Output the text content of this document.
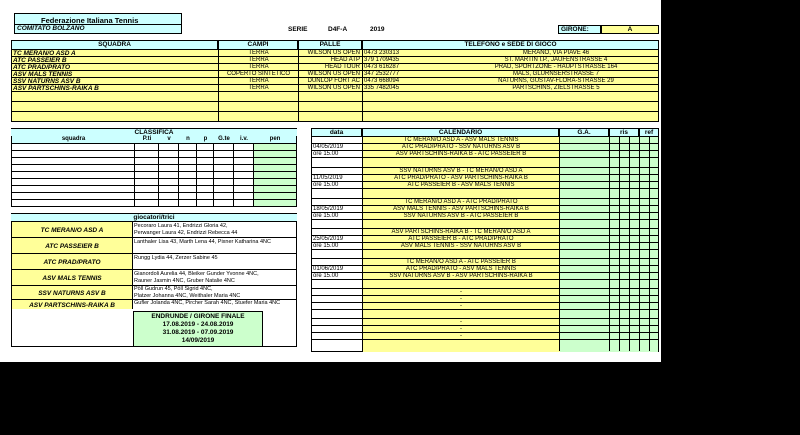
Federazione Italiana Tennis
COMITATO BOLZANO	SERIE	D4F-A	2019	GIRONE:	A
SQUADRA	CAMPI	PALLE	TELEFONO e SEDE DI GIOCO
TC MERAN/O ASD A	TERRA	WILSON US OPEN 0473 230313	MERANO, VIA PIAVE 46
ATC PASSEIER B	TERRA	HEAD ATP 379 1709435	ST. MARTIN I.P., JAUFENSTRASSE 4
ATC PRAD/PRATO	TERRA	HEAD TOUR 0473 616287	PRAD, SPORTZONE - HAUPTSTRASSE 164
ASV MALS TENNIS	COPERTO SINTETICO	WILSON US OPEN 347 2532777	MALS, GLURNSERSTRASSE 7
SSV NATURNS ASV B	TERRA	DUNLOP FORT AC 0473 668094	NATURNS, GUSTAV-FLORA-STRASSE 29
ASV PARTSCHINS-RAIKA B	TERRA	WILSON US OPEN 335 7482045	PARTSCHINS, ZIELSTRASSE 5
CLASSIFICA
squadra	P.ti	v	n	p	G.te	i.v.	pen
giocatori/trici
TC MERAN/O ASD A
Pecoraro Laura 41, Endrizzi Gloria 42,
Perwanger Laura 42, Endrizzi Rebecca 44
ATC PASSEIER B
Lanthaler Lisa 43, Marth Lena 44, Pixner Katharina 4NC
ATC PRAD/PRATO
Rungg Lydia 44, Zerzer Sabine 45
ASV MALS TENNIS
Gianordoli Aurelia 44, Bleiker Gunder Yvonne 4NC,
Rauner Jasmin 4NC, Gruber Natalie 4NC
SSV NATURNS ASV B
Pöll Gudrun 45, Pöll Sigrid 4NC,
Platzer Johanna 4NC, Weithaler Maria 4NC
ASV PARTSCHINS-RAIKA B	Gufler Jolanda 4NC, Pircher Sarah 4NC, Stuefer Maria 4NC
ENDRUNDE / GIRONE FINALE
17.08.2019 - 24.08.2019
31.08.2019 - 07.09.2019
14/09/2019
data	CALENDARIO	G.A.	ris	ref
TC MERAN/O ASD A - ASV MALS TENNIS
04/05/2019	ATC PRAD/PRATO - SSV NATURNS ASV B
ore 15.00	ASV PARTSCHINS-RAIKA B - ATC PASSEIER B
SSV NATURNS ASV B - TC MERAN/O ASD A
11/05/2019	ATC PRAD/PRATO - ASV PARTSCHINS-RAIKA B
ore 15.00	ATC PASSEIER B - ASV MALS TENNIS
TC MERAN/O ASD A - ATC PRAD/PRATO
18/05/2019	ASV MALS TENNIS - ASV PARTSCHINS-RAIKA B
ore 15.00	SSV NATURNS ASV B - ATC PASSEIER B
ASV PARTSCHINS-RAIKA B - TC MERAN/O ASD A
25/05/2019	ATC PASSEIER B - ATC PRAD/PRATO
ore 15.00	ASV MALS TENNIS - SSV NATURNS ASV B
TC MERAN/O ASD A - ATC PASSEIER B
01/06/2019	ATC PRAD/PRATO - ASV MALS TENNIS
ore 15.00	SSV NATURNS ASV B - ASV PARTSCHINS-RAIKA B
-
-
-
-
-
-
